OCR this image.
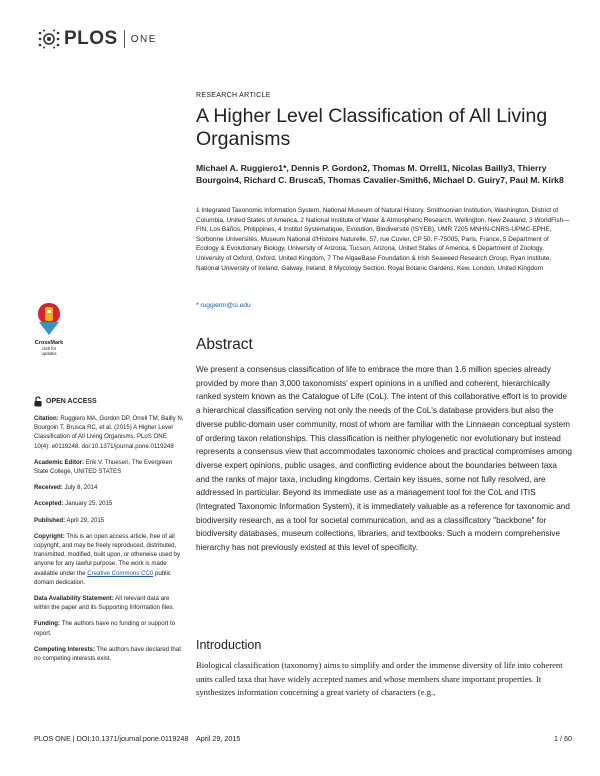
PLOS ONE
RESEARCH ARTICLE
A Higher Level Classification of All Living Organisms

Michael A. Ruggiero1*, Dennis P. Gordon2, Thomas M. Orrell1, Nicolas Bailly3, Thierry Bourgoin4, Richard C. Brusca5, Thomas Cavalier-Smith6, Michael D. Guiry7, Paul M. Kirk8

1 Integrated Taxonomic Information System, National Museum of Natural History, Smithsonian Institution, Washington, District of Columbia, United States of America, 2 National Institute of Water & Atmospheric Research, Wellington, New Zealand, 3 WorldFish—FIN, Los Baños, Philippines, 4 Institut Systématique, Evolution, Biodiversité (ISYEB), UMR 7205 MNHN-CNRS-UPMC-EPHE, Sorbonne Universités, Museum National d'Histoire Naturelle, 57, rue Cuvier, CP 50, F-75005, Paris, France, 5 Department of Ecology & Evolutionary Biology, University of Arizona, Tucson, Arizona, United States of America, 6 Department of Zoology, University of Oxford, Oxford, United Kingdom, 7 The AlgaeBase Foundation & Irish Seaweed Research Group, Ryan Institute, National University of Ireland, Galway, Ireland, 8 Mycology Section, Royal Botanic Gardens, Kew, London, United Kingdom

* ruggierm@si.edu
CrossMark
click for updates
Abstract

We present a consensus classification of life to embrace the more than 1.6 million species already provided by more than 3,000 taxonomists' expert opinions in a unified and coherent, hierarchically ranked system known as the Catalogue of Life (CoL). The intent of this collaborative effort is to provide a hierarchical classification serving not only the needs of the CoL's database providers but also the diverse public-domain user community, most of whom are familiar with the Linnaean conceptual system of ordering taxon relationships. This classification is neither phylogenetic nor evolutionary but instead represents a consensus view that accommodates taxonomic choices and practical compromises among diverse expert opinions, public usages, and conflicting evidence about the boundaries between taxa and the ranks of major taxa, including kingdoms. Certain key issues, some not fully resolved, are addressed in particular. Beyond its immediate use as a management tool for the CoL and ITIS (Integrated Taxonomic Information System), it is immediately valuable as a reference for taxonomic and biodiversity research, as a tool for societal communication, and as a classificatory "backbone" for biodiversity databases, museum collections, libraries, and textbooks. Such a modern comprehensive hierarchy has not previously existed at this level of specificity.

Introduction

Biological classification (taxonomy) aims to simplify and order the immense diversity of life into coherent units called taxa that have widely accepted names and whose members share important properties. It synthesizes information concerning a great variety of characters (e.g.,

OPEN ACCESS

Citation: Ruggiero MA, Gordon DP, Orrell TM, Bailly N, Bourgoin T, Brusca RC, et al. (2015) A Higher Level Classification of All Living Organisms. PLoS ONE 10(4): e0119248. doi:10.1371/journal.pone.0119248

Academic Editor: Erik V. Thuesen, The Evergreen State College, UNITED STATES

Received: July 8, 2014

Accepted: January 25, 2015

Published: April 29, 2015

Copyright: This is an open access article, free of all copyright, and may be freely reproduced, distributed, transmitted, modified, built upon, or otherwise used by anyone for any lawful purpose. The work is made available under the Creative Commons CC0 public domain dedication.

Data Availability Statement: All relevant data are within the paper and its Supporting Information files.

Funding: The authors have no funding or support to report.

Competing Interests: The authors have declared that no competing interests exist.

PLOS ONE | DOI:10.1371/journal.pone.0119248 April 29, 2015	1 / 60
